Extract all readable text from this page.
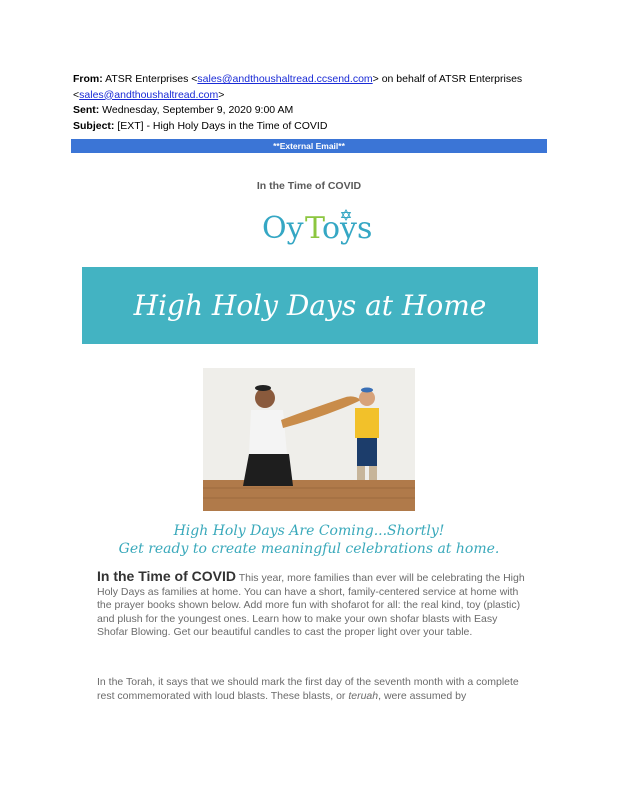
From: ATSR Enterprises <sales@andthoushaltread.ccsend.com> on behalf of ATSR Enterprises
<sales@andthoushaltread.com>
Sent: Wednesday, September 9, 2020 9:00 AM
Subject: [EXT] - High Holy Days in the Time of COVID
**External Email**
In the Time of COVID
Oy T
oys
High Holy Days at Home
High Holy Days Are Coming...Shortly!
Get ready to create meaningful celebrations at home.
In the Time of COVID This year, more families than ever will be celebrating the High Holy Days as families at home. You can have a short, family-centered service at home with the prayer books shown below. Add more fun with shofarot for all: the real kind, toy (plastic) and plush for the youngest ones. Learn how to make your own shofar blasts with Easy Shofar Blowing. Get our beautiful candles to cast the proper light over your table.
In the Torah, it says that we should mark the first day of the seventh month with a complete rest commemorated with loud blasts. These blasts, or teruah, were assumed by
